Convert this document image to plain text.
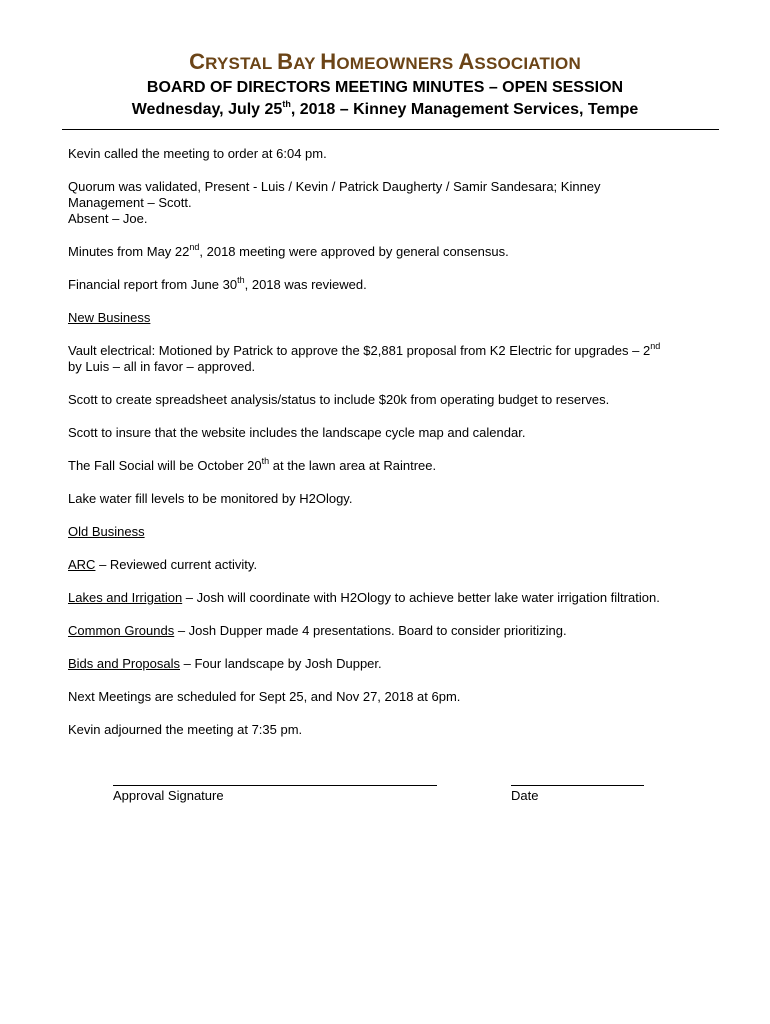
CRYSTAL BAY HOMEOWNERS ASSOCIATION

BOARD OF DIRECTORS MEETING MINUTES – OPEN SESSION

Wednesday, July 25th, 2018 – Kinney Management Services, Tempe

Kevin called the meeting to order at 6:04 pm.

Quorum was validated, Present - Luis / Kevin / Patrick Daugherty / Samir Sandesara; Kinney
Management – Scott.
Absent – Joe.

Minutes from May 22nd, 2018 meeting were approved by general consensus.

Financial report from June 30th, 2018 was reviewed.

New Business

Vault electrical: Motioned by Patrick to approve the $2,881 proposal from K2 Electric for upgrades – 2nd
by Luis – all in favor – approved.

Scott to create spreadsheet analysis/status to include $20k from operating budget to reserves.

Scott to insure that the website includes the landscape cycle map and calendar.

The Fall Social will be October 20th at the lawn area at Raintree.

Lake water fill levels to be monitored by H2Ology.

Old Business

ARC – Reviewed current activity.

Lakes and Irrigation – Josh will coordinate with H2Ology to achieve better lake water irrigation filtration.

Common Grounds – Josh Dupper made 4 presentations. Board to consider prioritizing.

Bids and Proposals – Four landscape by Josh Dupper.

Next Meetings are scheduled for Sept 25, and Nov 27, 2018 at 6pm.

Kevin adjourned the meeting at 7:35 pm.

Approval Signature	Date
